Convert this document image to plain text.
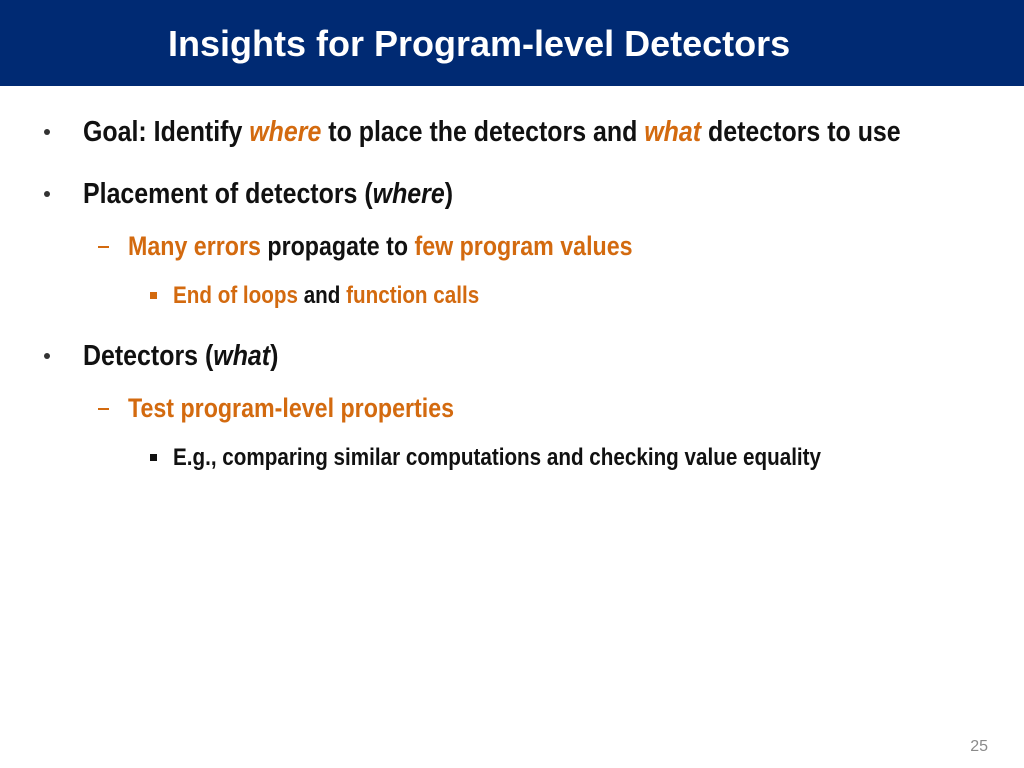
Insights for Program-level Detectors
Goal: Identify where to place the detectors and what detectors to use
Placement of detectors (where)
Many errors propagate to few program values
End of loops and function calls
Detectors (what)
Test program-level properties
E.g., comparing similar computations and checking value equality
25
